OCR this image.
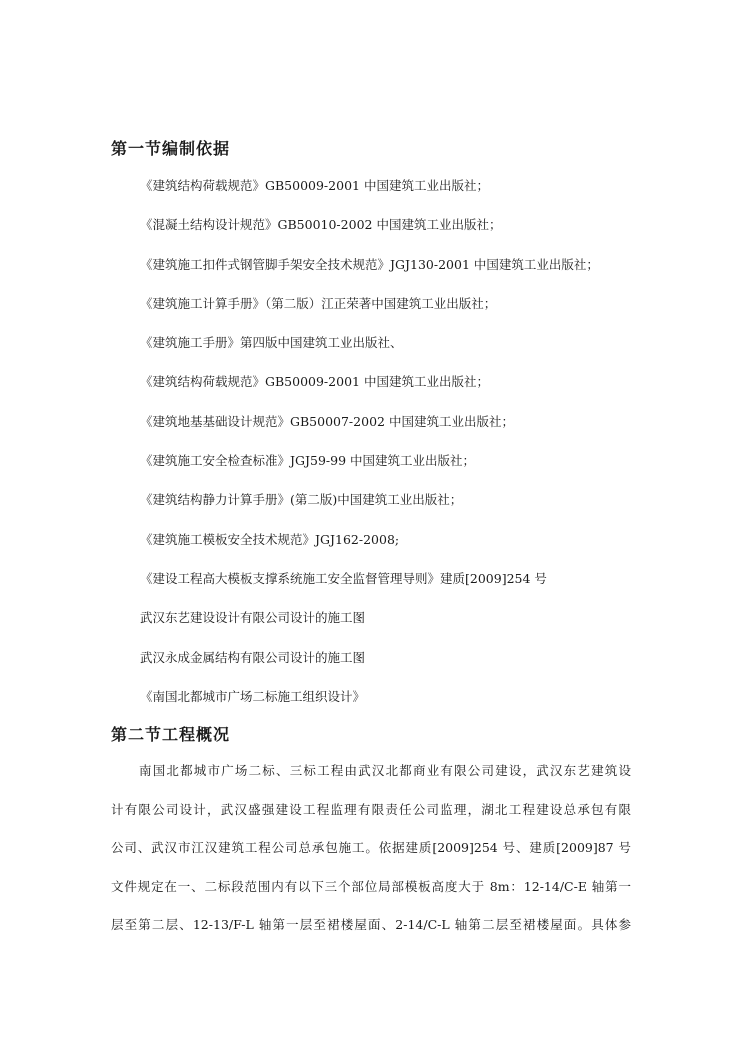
第一节编制依据
《建筑结构荷载规范》GB50009-2001 中国建筑工业出版社；
《混凝土结构设计规范》GB50010-2002 中国建筑工业出版社；
《建筑施工扣件式钢管脚手架安全技术规范》JGJ130-2001 中国建筑工业出版社；
《建筑施工计算手册》（第二版）江正荣著中国建筑工业出版社；
《建筑施工手册》第四版中国建筑工业出版社、
《建筑结构荷载规范》GB50009-2001 中国建筑工业出版社；
《建筑地基基础设计规范》GB50007-2002 中国建筑工业出版社；
《建筑施工安全检查标准》JGJ59-99 中国建筑工业出版社；
《建筑结构静力计算手册》(第二版)中国建筑工业出版社；
《建筑施工模板安全技术规范》JGJ162-2008;
《建设工程高大模板支撑系统施工安全监督管理导则》建质[2009]254 号
武汉东艺建设设计有限公司设计的施工图
武汉永成金属结构有限公司设计的施工图
《南国北都城市广场二标施工组织设计》
第二节工程概况
南国北都城市广场二标、三标工程由武汉北都商业有限公司建设，武汉东艺建筑设
计有限公司设计，武汉盛强建设工程监理有限责任公司监理，湖北工程建设总承包有限
公司、武汉市江汉建筑工程公司总承包施工。依据建质[2009]254 号、建质[2009]87 号
文件规定在一、二标段范围内有以下三个部位局部模板高度大于 8m：12-14/C-E 轴第一
层至第二层、12-13/F-L 轴第一层至裙楼屋面、2-14/C-L 轴第二层至裙楼屋面。具体参
